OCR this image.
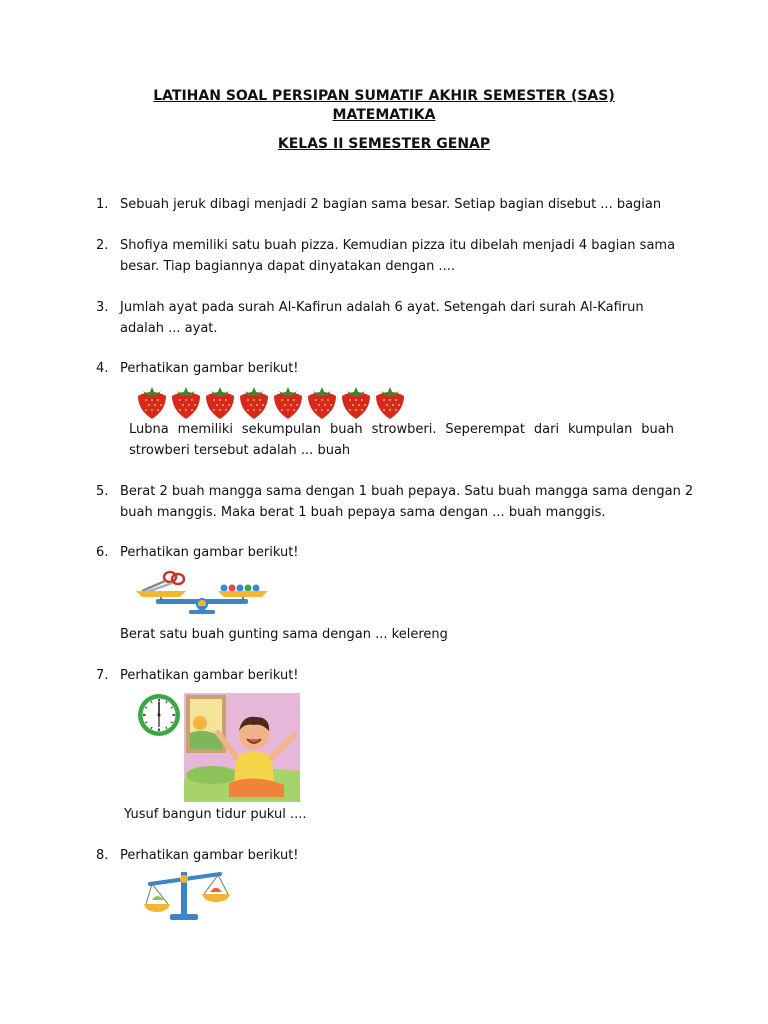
LATIHAN SOAL PERSIPAN SUMATIF AKHIR SEMESTER (SAS)
MATEMATIKA
KELAS II SEMESTER GENAP
1. Sebuah jeruk dibagi menjadi 2 bagian sama besar. Setiap bagian disebut ... bagian
2. Shofiya memiliki satu buah pizza. Kemudian pizza itu dibelah menjadi 4 bagian sama
besar. Tiap bagiannya dapat dinyatakan dengan ....
3. Jumlah ayat pada surah Al-Kafirun adalah 6 ayat. Setengah dari surah Al-Kafirun
adalah ... ayat.
4. Perhatikan gambar berikut!
Lubna memiliki sekumpulan buah strowberi. Seperempat dari kumpulan buah
strowberi tersebut adalah ... buah
5. Berat 2 buah mangga sama dengan 1 buah pepaya. Satu buah mangga sama dengan 2
buah manggis. Maka berat 1 buah pepaya sama dengan ... buah manggis.
6. Perhatikan gambar berikut!
Berat satu buah gunting sama dengan ... kelereng
7. Perhatikan gambar berikut!
Yusuf bangun tidur pukul ....
8. Perhatikan gambar berikut!
